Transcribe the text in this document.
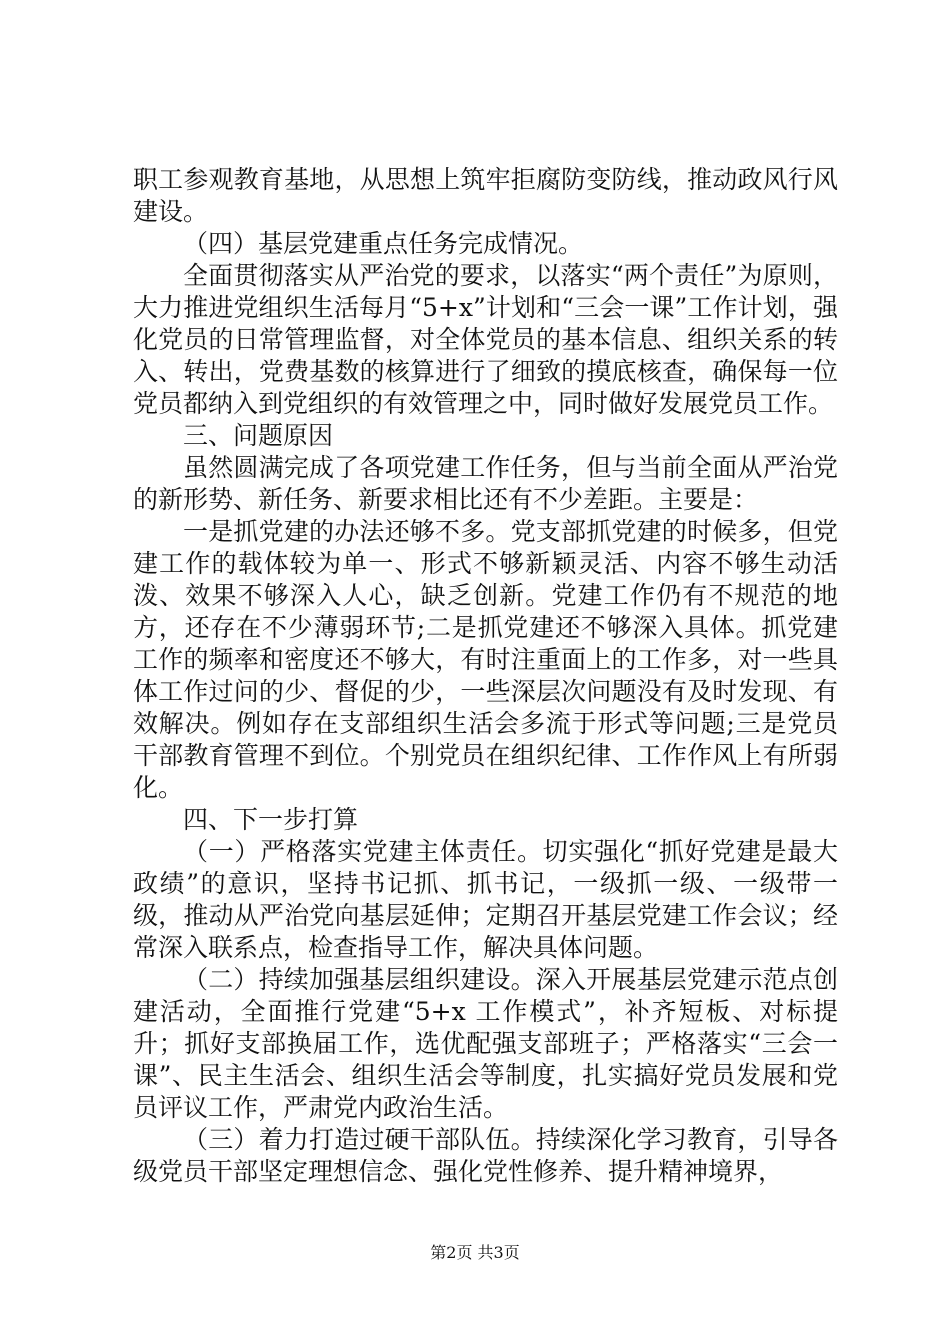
职工参观教育基地，从思想上筑牢拒腐防变防线，推动政风行风建设。

（四）基层党建重点任务完成情况。

全面贯彻落实从严治党的要求，以落实“两个责任”为原则，大力推进党组织生活每月“5+x”计划和“三会一课”工作计划，强化党员的日常管理监督，对全体党员的基本信息、组织关系的转入、转出，党费基数的核算进行了细致的摸底核查，确保每一位党员都纳入到党组织的有效管理之中，同时做好发展党员工作。

三、问题原因

虽然圆满完成了各项党建工作任务，但与当前全面从严治党的新形势、新任务、新要求相比还有不少差距。主要是：

一是抓党建的办法还够不多。党支部抓党建的时候多，但党建工作的载体较为单一、形式不够新颖灵活、内容不够生动活泼、效果不够深入人心，缺乏创新。党建工作仍有不规范的地方，还存在不少薄弱环节;二是抓党建还不够深入具体。抓党建工作的频率和密度还不够大，有时注重面上的工作多，对一些具体工作过问的少、督促的少，一些深层次问题没有及时发现、有效解决。例如存在支部组织生活会多流于形式等问题;三是党员干部教育管理不到位。个别党员在组织纪律、工作作风上有所弱化。

四、下一步打算

（一）严格落实党建主体责任。切实强化“抓好党建是最大政绩”的意识，坚持书记抓、抓书记，一级抓一级、一级带一级，推动从严治党向基层延伸；定期召开基层党建工作会议；经常深入联系点，检查指导工作，解决具体问题。

（二）持续加强基层组织建设。深入开展基层党建示范点创建活动，全面推行党建“5+x 工作模式”，补齐短板、对标提升；抓好支部换届工作，选优配强支部班子；严格落实“三会一课”、民主生活会、组织生活会等制度，扎实搞好党员发展和党员评议工作，严肃党内政治生活。

（三）着力打造过硬干部队伍。持续深化学习教育，引导各级党员干部坚定理想信念、强化党性修养、提升精神境界，

第2页 共3页
